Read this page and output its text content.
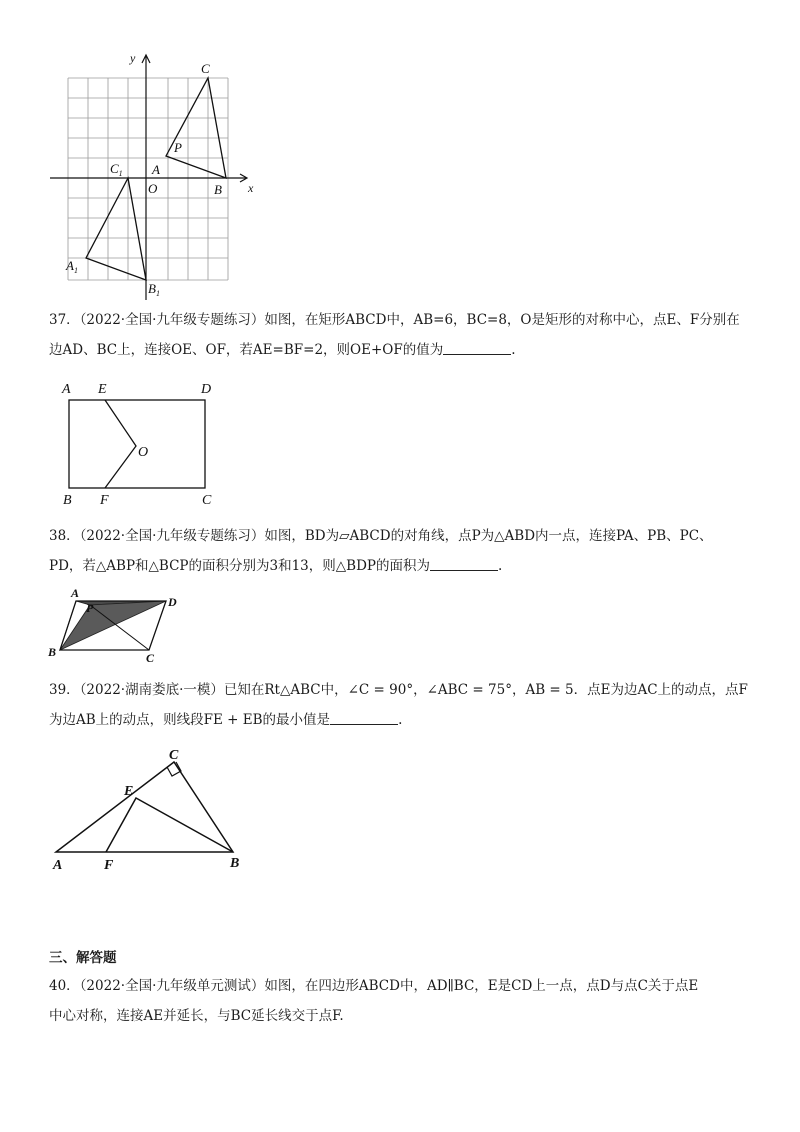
y
x
O
C
P
A
B
$C_1$
$A_1$
$B_1$
37．（2022·全国·九年级专题练习）如图，在矩形ABCD中，AB=6，BC=8，O是矩形的对称中心，点E、F分别在
边AD、BC上，连接OE、OF，若AE=BF=2，则OE+OF的值为	.
A E	D
O
B F	C
38．（2022·全国·九年级专题练习）如图，BD为▱ABCD的对角线，点P为△ABD内一点，连接PA、PB、PC、
PD，若△ABP和△BCP的面积分别为3和13，则△BDP的面积为	.
A
P	D
B	C
39．（2022·湖南娄底·一模）已知在Rt△ABC中，∠C = 90°，∠ABC = 75°，AB = 5．点E为边AC上的动点，点F
为边AB上的动点，则线段FE + EB的最小值是	.
C
E
A	F	B
三、解答题
40．（2022·全国·九年级单元测试）如图，在四边形ABCD中，AD∥BC，E是CD上一点，点D与点C关于点E
中心对称，连接AE并延长，与BC延长线交于点F.
